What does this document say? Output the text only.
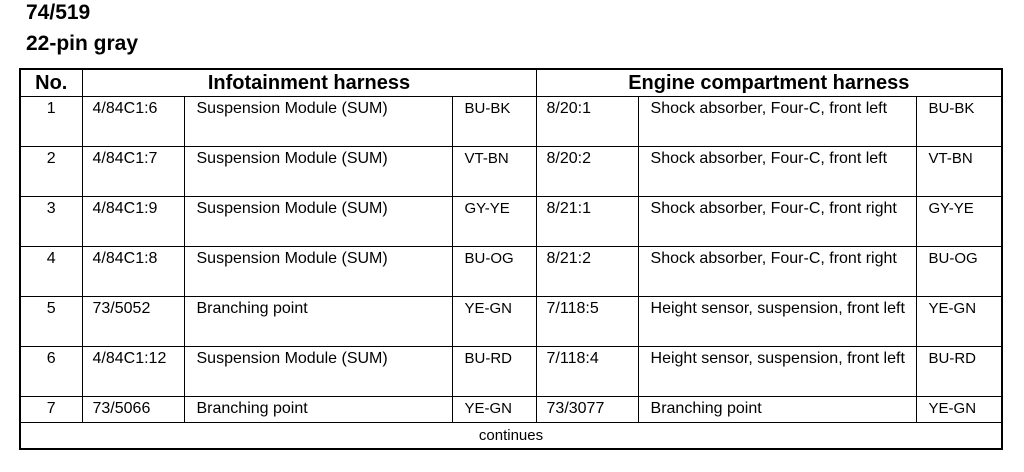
74/519
22-pin gray
No.	Infotainment harness			Engine compartment harness		
1	4/84C1:6	Suspension Module (SUM)	BU-BK	8/20:1	Shock absorber, Four-C, front left	BU-BK
2	4/84C1:7	Suspension Module (SUM)	VT-BN	8/20:2	Shock absorber, Four-C, front left	VT-BN
3	4/84C1:9	Suspension Module (SUM)	GY-YE	8/21:1	Shock absorber, Four-C, front right	GY-YE
4	4/84C1:8	Suspension Module (SUM)	BU-OG	8/21:2	Shock absorber, Four-C, front right	BU-OG
5	73/5052	Branching point	YE-GN	7/118:5	Height sensor, suspension, front left	YE-GN
6	4/84C1:12	Suspension Module (SUM)	BU-RD	7/118:4	Height sensor, suspension, front left	BU-RD
7	73/5066	Branching point	YE-GN	73/3077	Branching point	YE-GN
continues						
